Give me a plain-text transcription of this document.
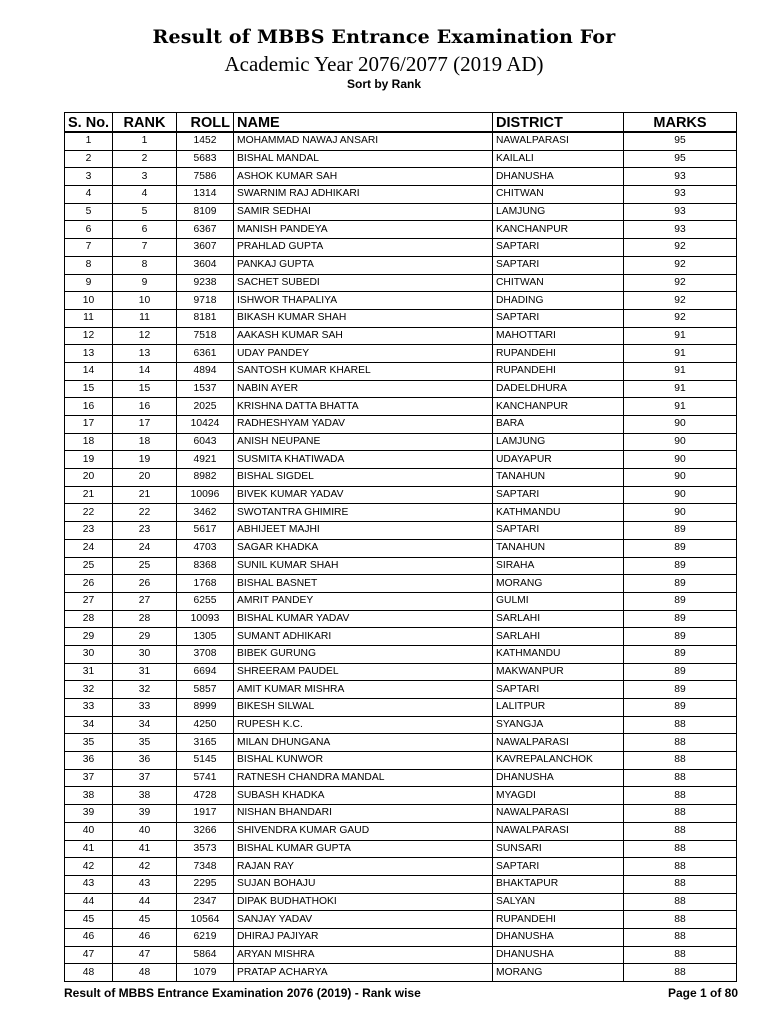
Result of MBBS Entrance Examination For
Academic Year 2076/2077 (2019 AD)
Sort by Rank
S. No.	RANK	ROLL	NAME	DISTRICT	MARKS
1	1	1452	MOHAMMAD NAWAJ ANSARI	NAWALPARASI	95
2	2	5683	BISHAL MANDAL	KAILALI	95
3	3	7586	ASHOK KUMAR SAH	DHANUSHA	93
4	4	1314	SWARNIM RAJ ADHIKARI	CHITWAN	93
5	5	8109	SAMIR SEDHAI	LAMJUNG	93
6	6	6367	MANISH PANDEYA	KANCHANPUR	93
7	7	3607	PRAHLAD GUPTA	SAPTARI	92
8	8	3604	PANKAJ GUPTA	SAPTARI	92
9	9	9238	SACHET SUBEDI	CHITWAN	92
10	10	9718	ISHWOR THAPALIYA	DHADING	92
11	11	8181	BIKASH KUMAR SHAH	SAPTARI	92
12	12	7518	AAKASH KUMAR SAH	MAHOTTARI	91
13	13	6361	UDAY PANDEY	RUPANDEHI	91
14	14	4894	SANTOSH KUMAR KHAREL	RUPANDEHI	91
15	15	1537	NABIN AYER	DADELDHURA	91
16	16	2025	KRISHNA DATTA BHATTA	KANCHANPUR	91
17	17	10424	RADHESHYAM YADAV	BARA	90
18	18	6043	ANISH NEUPANE	LAMJUNG	90
19	19	4921	SUSMITA KHATIWADA	UDAYAPUR	90
20	20	8982	BISHAL SIGDEL	TANAHUN	90
21	21	10096	BIVEK KUMAR YADAV	SAPTARI	90
22	22	3462	SWOTANTRA GHIMIRE	KATHMANDU	90
23	23	5617	ABHIJEET MAJHI	SAPTARI	89
24	24	4703	SAGAR KHADKA	TANAHUN	89
25	25	8368	SUNIL KUMAR SHAH	SIRAHA	89
26	26	1768	BISHAL BASNET	MORANG	89
27	27	6255	AMRIT PANDEY	GULMI	89
28	28	10093	BISHAL KUMAR YADAV	SARLAHI	89
29	29	1305	SUMANT ADHIKARI	SARLAHI	89
30	30	3708	BIBEK GURUNG	KATHMANDU	89
31	31	6694	SHREERAM PAUDEL	MAKWANPUR	89
32	32	5857	AMIT KUMAR MISHRA	SAPTARI	89
33	33	8999	BIKESH SILWAL	LALITPUR	89
34	34	4250	RUPESH K.C.	SYANGJA	88
35	35	3165	MILAN DHUNGANA	NAWALPARASI	88
36	36	5145	BISHAL KUNWOR	KAVREPALANCHOK	88
37	37	5741	RATNESH CHANDRA MANDAL	DHANUSHA	88
38	38	4728	SUBASH KHADKA	MYAGDI	88
39	39	1917	NISHAN BHANDARI	NAWALPARASI	88
40	40	3266	SHIVENDRA KUMAR GAUD	NAWALPARASI	88
41	41	3573	BISHAL KUMAR GUPTA	SUNSARI	88
42	42	7348	RAJAN RAY	SAPTARI	88
43	43	2295	SUJAN BOHAJU	BHAKTAPUR	88
44	44	2347	DIPAK BUDHATHOKI	SALYAN	88
45	45	10564	SANJAY YADAV	RUPANDEHI	88
46	46	6219	DHIRAJ PAJIYAR	DHANUSHA	88
47	47	5864	ARYAN MISHRA	DHANUSHA	88
48	48	1079	PRATAP ACHARYA	MORANG	88
Result of MBBS Entrance Examination 2076 (2019) - Rank wise	Page 1 of 80
